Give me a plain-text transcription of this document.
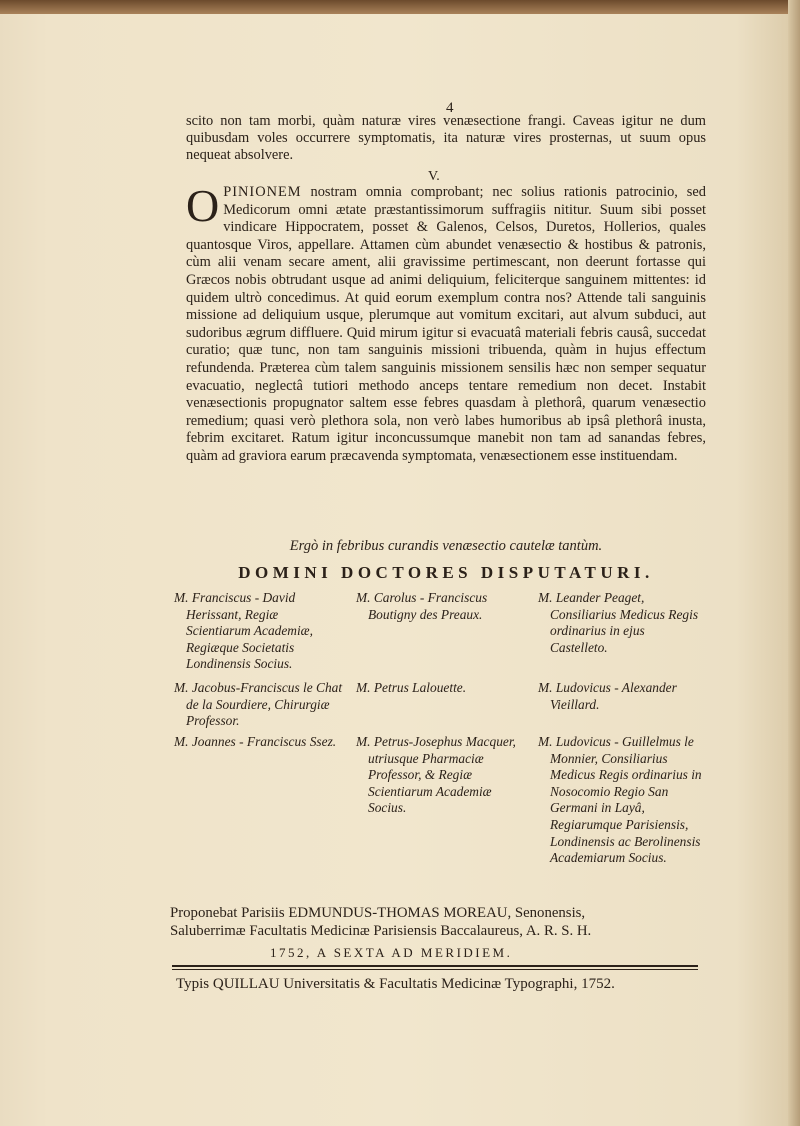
4
scito non tam morbi, quàm naturæ vires venæsectione frangi. Caveas igitur ne dum quibusdam voles occurrere symptomatis, ita naturæ vires prosternas, ut suum opus nequeat absolvere.
V.
OPINIONEM nostram omnia comprobant; nec solius rationis patrocinio, sed Medicorum omni ætate præstantissimorum suffragiis nititur. Suum sibi posset vindicare Hippocratem, posset & Galenos, Celsos, Duretos, Hollerios, quales quantosque Viros, appellare. Attamen cùm abundet venæsectio & hostibus & patronis, cùm alii venam secare ament, alii gravissime pertimescant, non deerunt fortasse qui Græcos nobis obtrudant usque ad animi deliquium, feliciterque sanguinem mittentes: id quidem ultrò concedimus. At quid eorum exemplum contra nos? Attende tali sanguinis missione ad deliquium usque, plerumque aut vomitum excitari, aut alvum subduci, aut sudoribus ægrum diffluere. Quid mirum igitur si evacuatâ materiali febris causâ, succedat curatio; quæ tunc, non tam sanguinis missioni tribuenda, quàm in hujus effectum refundenda. Præterea cùm talem sanguinis missionem sensilis hæc non semper sequatur evacuatio, neglectâ tutiori methodo anceps tentare remedium non decet. Instabit venæsectionis propugnator saltem esse febres quasdam à plethorâ, quarum venæsectio remedium; quasi verò plethora sola, non verò labes humoribus ab ipsâ plethorâ inusta, febrim excitaret. Ratum igitur inconcussumque manebit non tam ad sanandas febres, quàm ad graviora earum præcavenda symptomata, venæsectionem esse instituendam.
Ergò in febribus curandis venæsectio cautelæ tantùm.
DOMINI DOCTORES DISPUTATURI.

M. Franciscus - David Herissant, Regiæ Scientiarum Academiæ, Regiæque Societatis Londinensis Socius.

M. Jacobus-Franciscus le Chat de la Sourdiere, Chirurgiæ Professor.

M. Joannes - Franciscus Ssez.

M. Carolus - Franciscus Boutigny des Preaux.

M. Petrus Lalouette.

M. Petrus-Josephus Macquer, utriusque Pharmaciæ Professor, & Regiæ Scientiarum Academiæ Socius.

M. Leander Peaget, Consiliarius Medicus Regis ordinarius in ejus Castelleto.

M. Ludovicus - Alexander Vieillard.

M. Ludovicus - Guillelmus le Monnier, Consiliarius Medicus Regis ordinarius in Nosocomio Regio San Germani in Layâ, Regiarumque Parisiensis, Londinensis ac Berolinensis Academiarum Socius.

Proponebat Parisiis EDMUNDUS-THOMAS MOREAU, Senonensis,
Saluberrimæ Facultatis Medicinæ Parisiensis Baccalaureus, A. R. S. H.
1752, A SEXTA AD MERIDIEM.
Typis QUILLAU Universitatis & Facultatis Medicinæ Typographi, 1752.
